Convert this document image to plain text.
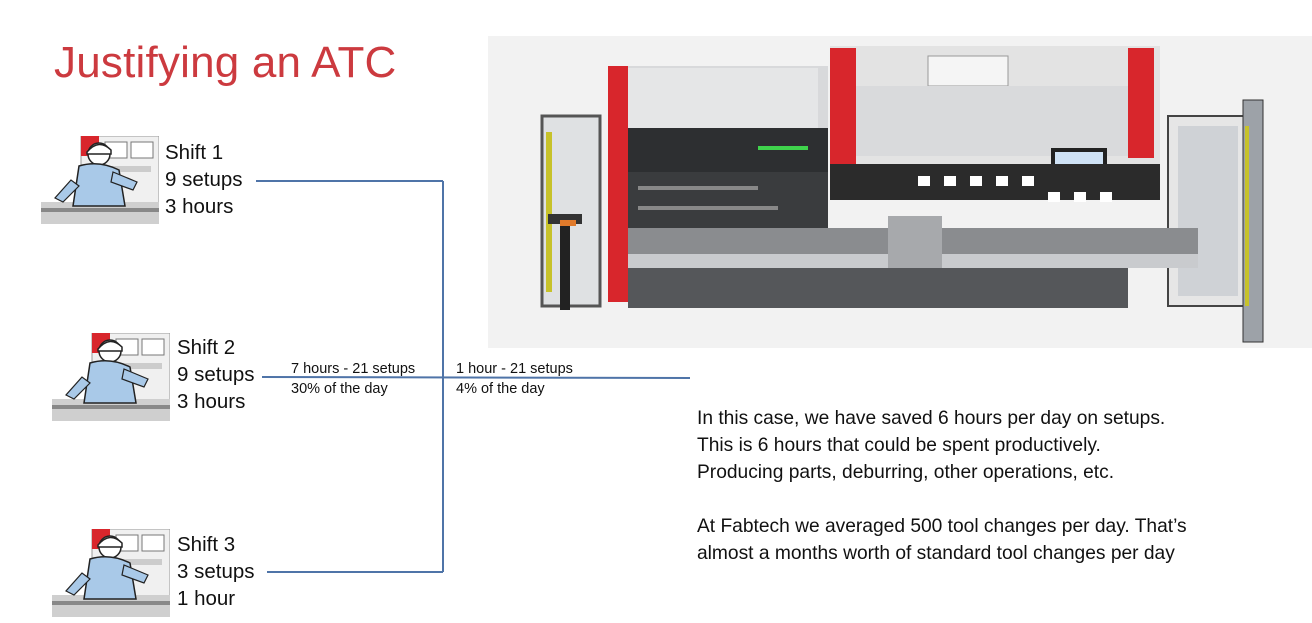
Justifying an ATC
Shift 1
9 setups
3 hours
Shift 2
9 setups
3 hours
Shift 3
3 setups
1 hour
7 hours - 21 setups
30% of the day
1 hour - 21 setups
4% of the day
In this case, we have saved 6 hours per day on setups.
This is 6 hours that could be spent productively.
Producing parts, deburring, other operations, etc.
At Fabtech we averaged 500 tool changes per day. That’s
almost a months worth of standard tool changes per day
